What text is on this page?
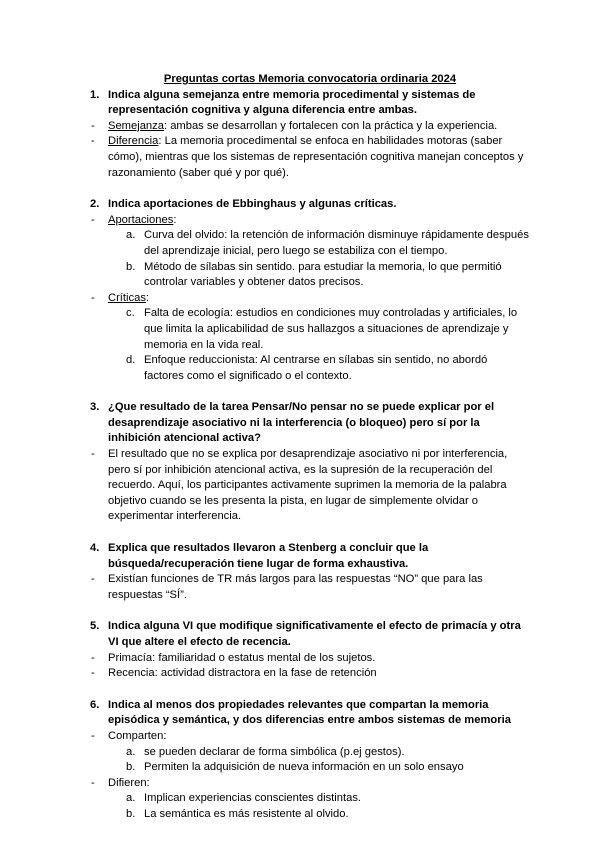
Preguntas cortas Memoria convocatoria ordinaria 2024

1. Indica alguna semejanza entre memoria procedimental y sistemas de representación cognitiva y alguna diferencia entre ambas.
- Semejanza: ambas se desarrollan y fortalecen con la práctica y la experiencia.
- Diferencia: La memoria procedimental se enfoca en habilidades motoras (saber cómo), mientras que los sistemas de representación cognitiva manejan conceptos y razonamiento (saber qué y por qué).
2. Indica aportaciones de Ebbinghaus y algunas críticas.
- Aportaciones:
a. Curva del olvido: la retención de información disminuye rápidamente después del aprendizaje inicial, pero luego se estabiliza con el tiempo.
b. Método de sílabas sin sentido. para estudiar la memoria, lo que permitió controlar variables y obtener datos precisos.
- Críticas:
c. Falta de ecología: estudios en condiciones muy controladas y artificiales, lo que limita la aplicabilidad de sus hallazgos a situaciones de aprendizaje y memoria en la vida real.
d. Enfoque reduccionista: Al centrarse en sílabas sin sentido, no abordó factores como el significado o el contexto.
3. ¿Que resultado de la tarea Pensar/No pensar no se puede explicar por el desaprendizaje asociativo ni la interferencia (o bloqueo) pero sí por la inhibición atencional activa?
- El resultado que no se explica por desaprendizaje asociativo ni por interferencia, pero sí por inhibición atencional activa, es la supresión de la recuperación del recuerdo. Aquí, los participantes activamente suprimen la memoria de la palabra objetivo cuando se les presenta la pista, en lugar de simplemente olvidar o experimentar interferencia.
4. Explica que resultados llevaron a Stenberg a concluir que la búsqueda/recuperación tiene lugar de forma exhaustiva.
- Existían funciones de TR más largos para las respuestas “NO” que para las respuestas “SÍ”.
5. Indica alguna VI que modifique significativamente el efecto de primacía y otra VI que altere el efecto de recencia.
- Primacía: familiaridad o estatus mental de los sujetos.
- Recencia: actividad distractora en la fase de retención
6. Indica al menos dos propiedades relevantes que compartan la memoria episódica y semántica, y dos diferencias entre ambos sistemas de memoria
- Comparten:
a. se pueden declarar de forma simbólica (p.ej gestos).
b. Permiten la adquisición de nueva información en un solo ensayo
- Difieren:
a. Implican experiencias conscientes distintas.
b. La semántica es más resistente al olvido.
